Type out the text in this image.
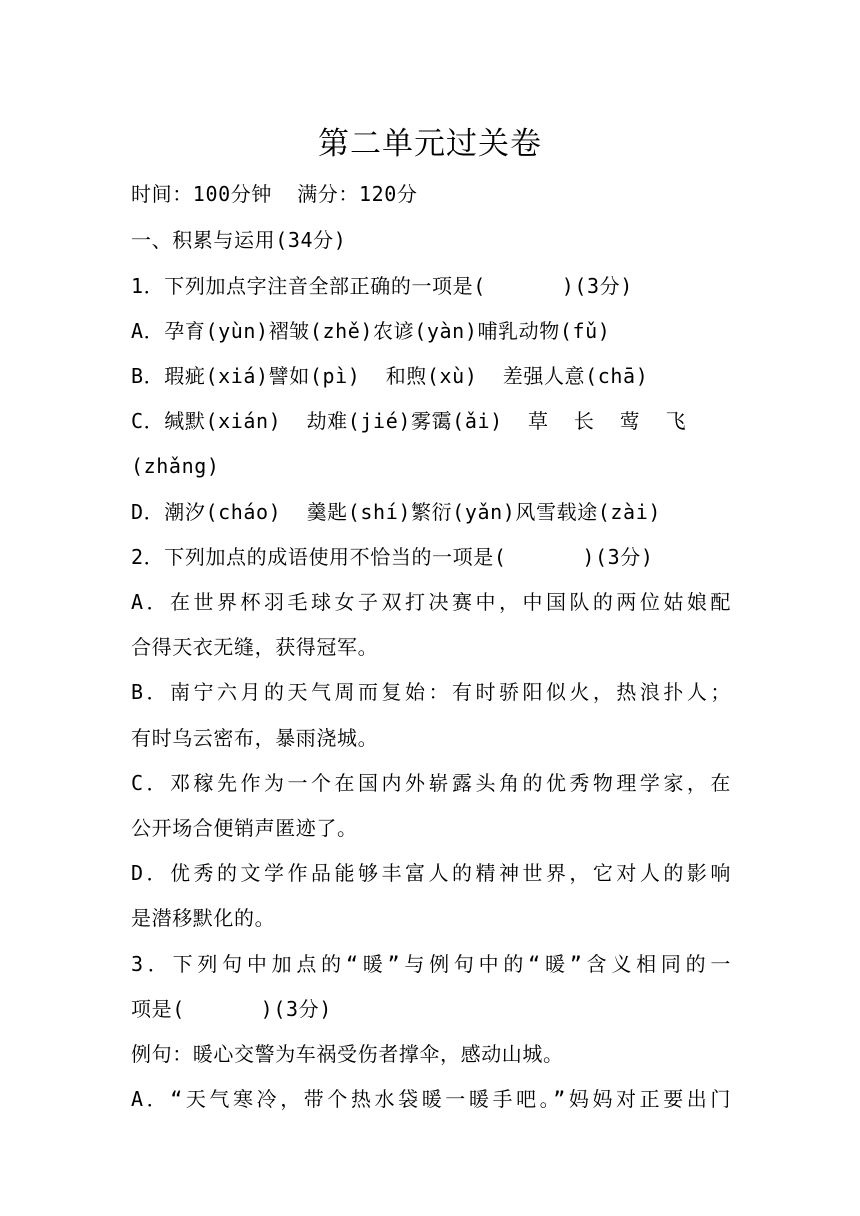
第二单元过关卷
时间：100分钟  满分：120分
一、积累与运用(34分)
1．下列加点字注音全部正确的一项是(      )(3分)
A．孕育(yùn)褶皱(zhě)农谚(yàn)哺乳动物(fǔ)
B．瑕疵(xiá)譬如(pì)  和煦(xù)  差强人意(chā)
C．缄默(xián)  劫难(jié)雾霭(ǎi)  草  长  莺  飞
(zhǎng)
D．潮汐(cháo)  羹匙(shí)繁衍(yǎn)风雪载途(zài)
2．下列加点的成语使用不恰当的一项是(      )(3分)
A．在世界杯羽毛球女子双打决赛中，中国队的两位姑娘配
合得天衣无缝，获得冠军。
B．南宁六月的天气周而复始：有时骄阳似火，热浪扑人；
有时乌云密布，暴雨浇城。
C．邓稼先作为一个在国内外崭露头角的优秀物理学家，在
公开场合便销声匿迹了。
D．优秀的文学作品能够丰富人的精神世界，它对人的影响
是潜移默化的。
3．下列句中加点的“暖”与例句中的“暖”含义相同的一
项是(      )(3分)
例句：暖心交警为车祸受伤者撑伞，感动山城。
A．“天气寒冷，带个热水袋暖一暖手吧。”妈妈对正要出门
